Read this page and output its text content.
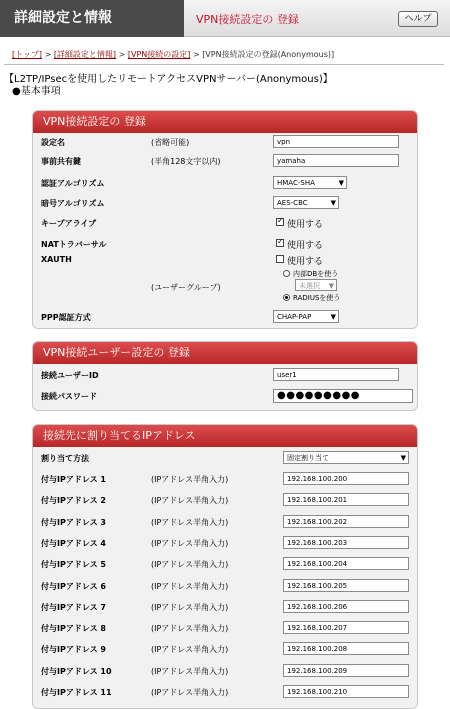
詳細設定と情報	VPN接続設定の 登録	ヘルプ
[トップ] > [詳細設定と情報] > [VPN接続の設定] > [VPN接続設定の登録(Anonymous)]
【L2TP/IPsecを使用したリモートアクセスVPNサーバー(Anonymous)】
●基本事項
VPN接続設定の 登録
設定名	(省略可能)	vpn
事前共有鍵	(半角128文字以内)	yamaha
認証アルゴリズム	HMAC-SHA	▼
暗号アルゴリズム	AES-CBC	▼
キープアライブ ✓	使用する
NATトラバーサル ✓	使用する
XAUTH	使用する
内部DBを使う
(ユーザーグループ)	未選択 ▼
RADIUSを使う
PPP認証方式	CHAP-PAP	▼
VPN接続ユーザー設定の 登録
接続ユーザーID	user1
接続パスワード	●●●●●●●●●
接続先に割り当てるIPアドレス
割り当て方法	固定割り当て	▼
付与IPアドレス 1	(IPアドレス半角入力)	192.168.100.200
付与IPアドレス 2	(IPアドレス半角入力)	192.168.100.201
付与IPアドレス 3	(IPアドレス半角入力)	192.168.100.202
付与IPアドレス 4	(IPアドレス半角入力)	192.168.100.203
付与IPアドレス 5	(IPアドレス半角入力)	192.168.100.204
付与IPアドレス 6	(IPアドレス半角入力)	192.168.100.205
付与IPアドレス 7	(IPアドレス半角入力)	192.168.100.206
付与IPアドレス 8	(IPアドレス半角入力)	192.168.100.207
付与IPアドレス 9	(IPアドレス半角入力)	192.168.100.208
付与IPアドレス 10	(IPアドレス半角入力)	192.168.100.209
付与IPアドレス 11	(IPアドレス半角入力)	192.168.100.210
